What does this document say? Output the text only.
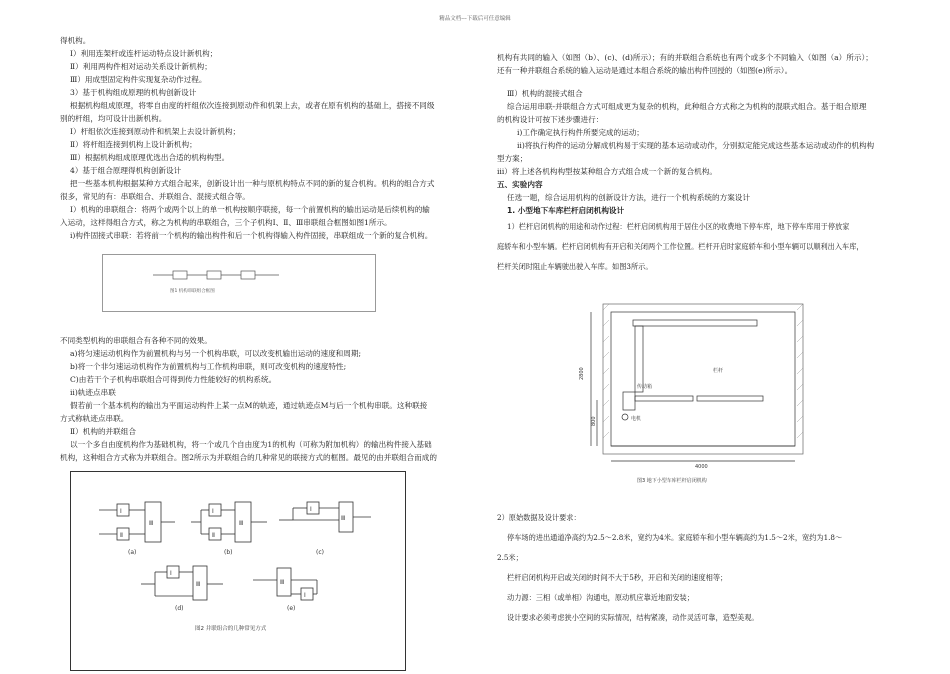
精品文档---下载后可任意编辑

得机构。

Ⅰ）利用连架杆或连杆运动特点设计新机构；

Ⅱ）利用两构件相对运动关系设计新机构；

Ⅲ）用成型固定构件实现复杂动作过程。

3）基于机构组成原理的机构创新设计

根据机构组成原理，将零自由度的杆组依次连接到原动件和机架上去，或者在原有机构的基础上，搭接不同级

别的杆组，均可设计出新机构。

Ⅰ）杆组依次连接到原动件和机架上去设计新机构；

Ⅱ）将杆组连接到机构上设计新机构；

Ⅲ）根据机构组成原理优选出合适的机构构型。

4）基于组合原理得机构创新设计

把一些基本机构根据某种方式组合起来，创新设计出一种与原机构特点不同的新的复合机构。机构的组合方式

很多，常见的有：串联组合、并联组合、混接式组合等。

Ⅰ）机构的串联组合：将两个或两个以上的单一机构按顺序联接，每一个前置机构的输出运动是后续机构的输

入运动，这样得组合方式，称之为机构的串联组合，三个子机构Ⅰ、Ⅱ、Ⅲ串联组合框图如图1所示。

ⅰ)构件固接式串联：若将前一个机构的输出构件和后一个机构得输入构件固接，串联组成一个新的复合机构。

图1 机构串联组合框图

不同类型机构的串联组合有各种不同的效果。

a)将匀速运动机构作为前置机构与另一个机构串联，可以改变机输出运动的速度和周期;

b)将一个非匀速运动机构作为前置机构与工作机构串联，则可改变机构的速度特性;

C)由若干个子机构串联组合可得到传力性能较好的机构系统。

ⅱ)轨迹点串联

假若前一个基本机构的输出为平面运动构件上某一点M的轨迹，通过轨迹点M与后一个机构串联。这种联接

方式称轨迹点串联。

Ⅱ）机构的并联组合

以一个多自由度机构作为基础机构，将一个或几个自由度为1的机构（可称为附加机构）的输出构件接入基础

机构，这种组合方式称为并联组合。图2所示为并联组合的几种常见的联接方式的框图。最见的由并联组合而成的

Ⅰ
Ⅱ
Ⅲ
Ⅰ
Ⅱ
Ⅲ
Ⅰ
Ⅲ
Ⅰ
Ⅲ	Ⅲ
Ⅰ
(a)	(b)	(c)
(d)	(e)
图2 并联组合的几种常见方式

机构有共同的输入（如图（b）、(c)、(d)所示）；有的并联组合系统也有两个或多个不同输入（如图（a）所示）；

还有一种并联组合系统的输入运动是通过本组合系统的输出构件回授的（如图(e)所示）。

Ⅲ）机构的混接式组合

综合运用串联-并联组合方式可组成更为复杂的机构，此种组合方式称之为机构的混联式组合。基于组合原理

的机构设计可按下述步骤进行：

ⅰ)工作确定执行构件所要完成的运动；

ⅱ)将执行构件的运动分解成机构易于实现的基本运动或动作，分别拟定能完成这些基本运动或动作的机构构

型方案；

ⅲ）将上述各机构构型按某种组合方式组合成一个新的复合机构。

五、实验内容

任选一题，综合运用机构的创新设计方法，进行一个机构系统的方案设计

1. 小型地下车库栏杆启闭机构设计

1）栏杆启闭机构的用途和动作过程：栏杆启闭机构用于居住小区的收费地下停车库，地下停车库用于停放家

庭轿车和小型车辆。栏杆启闭机构有开启和关闭两个工作位置。栏杆开启时家庭轿车和小型车辆可以顺利出入车库，

栏杆关闭时阻止车辆驶出驶入车库。如图3所示。

传动箱
栏杆
电机
4000
2800
800
图3 地下小型车库栏杆启闭机构

2）原始数据及设计要求：

停车场的进出通道净高约为2.5～2.8米，宽约为4米。家庭轿车和小型车辆高约为1.5～2米，宽约为1.8～

2.5米；

栏杆启闭机构开启或关闭的时间不大于5秒，开启和关闭的速度相等；

动力源：三相（或单相）沟通电，原动机应靠近地面安装；

设计要求必须考虑狭小空间的实际情况，结构紧凑，动作灵活可靠，造型美观。
